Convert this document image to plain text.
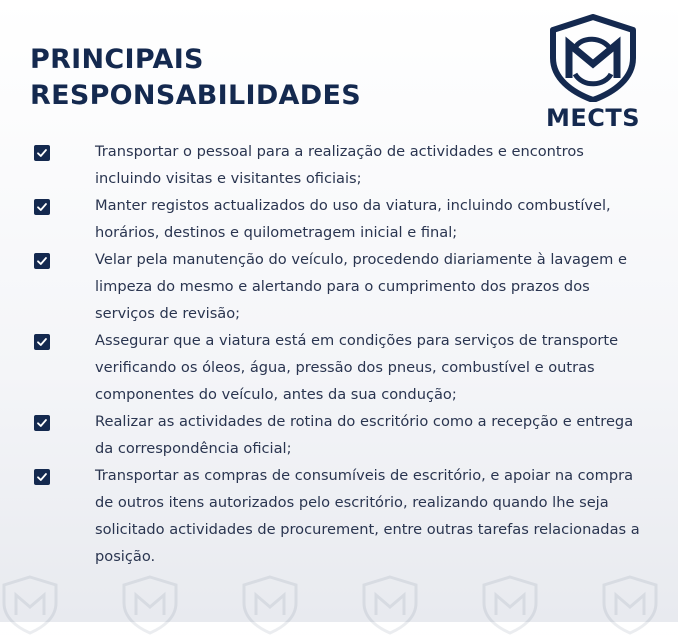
PRINCIPAIS
RESPONSABILIDADES
MECTS
Transportar o pessoal para a realização de actividades e encontros incluindo visitas e visitantes oficiais;
Manter registos actualizados do uso da viatura, incluindo combustível, horários, destinos e quilometragem inicial e final;
Velar pela manutenção do veículo, procedendo diariamente à lavagem e limpeza do mesmo e alertando para o cumprimento dos prazos dos serviços de revisão;
Assegurar que a viatura está em condições para serviços de transporte verificando os óleos, água, pressão dos pneus, combustível e outras componentes do veículo, antes da sua condução;
Realizar as actividades de rotina do escritório como a recepção e entrega da correspondência oficial;
Transportar as compras de consumíveis de escritório, e apoiar na compra de outros itens autorizados pelo escritório, realizando quando lhe seja solicitado actividades de procurement, entre outras tarefas relacionadas a posição.
